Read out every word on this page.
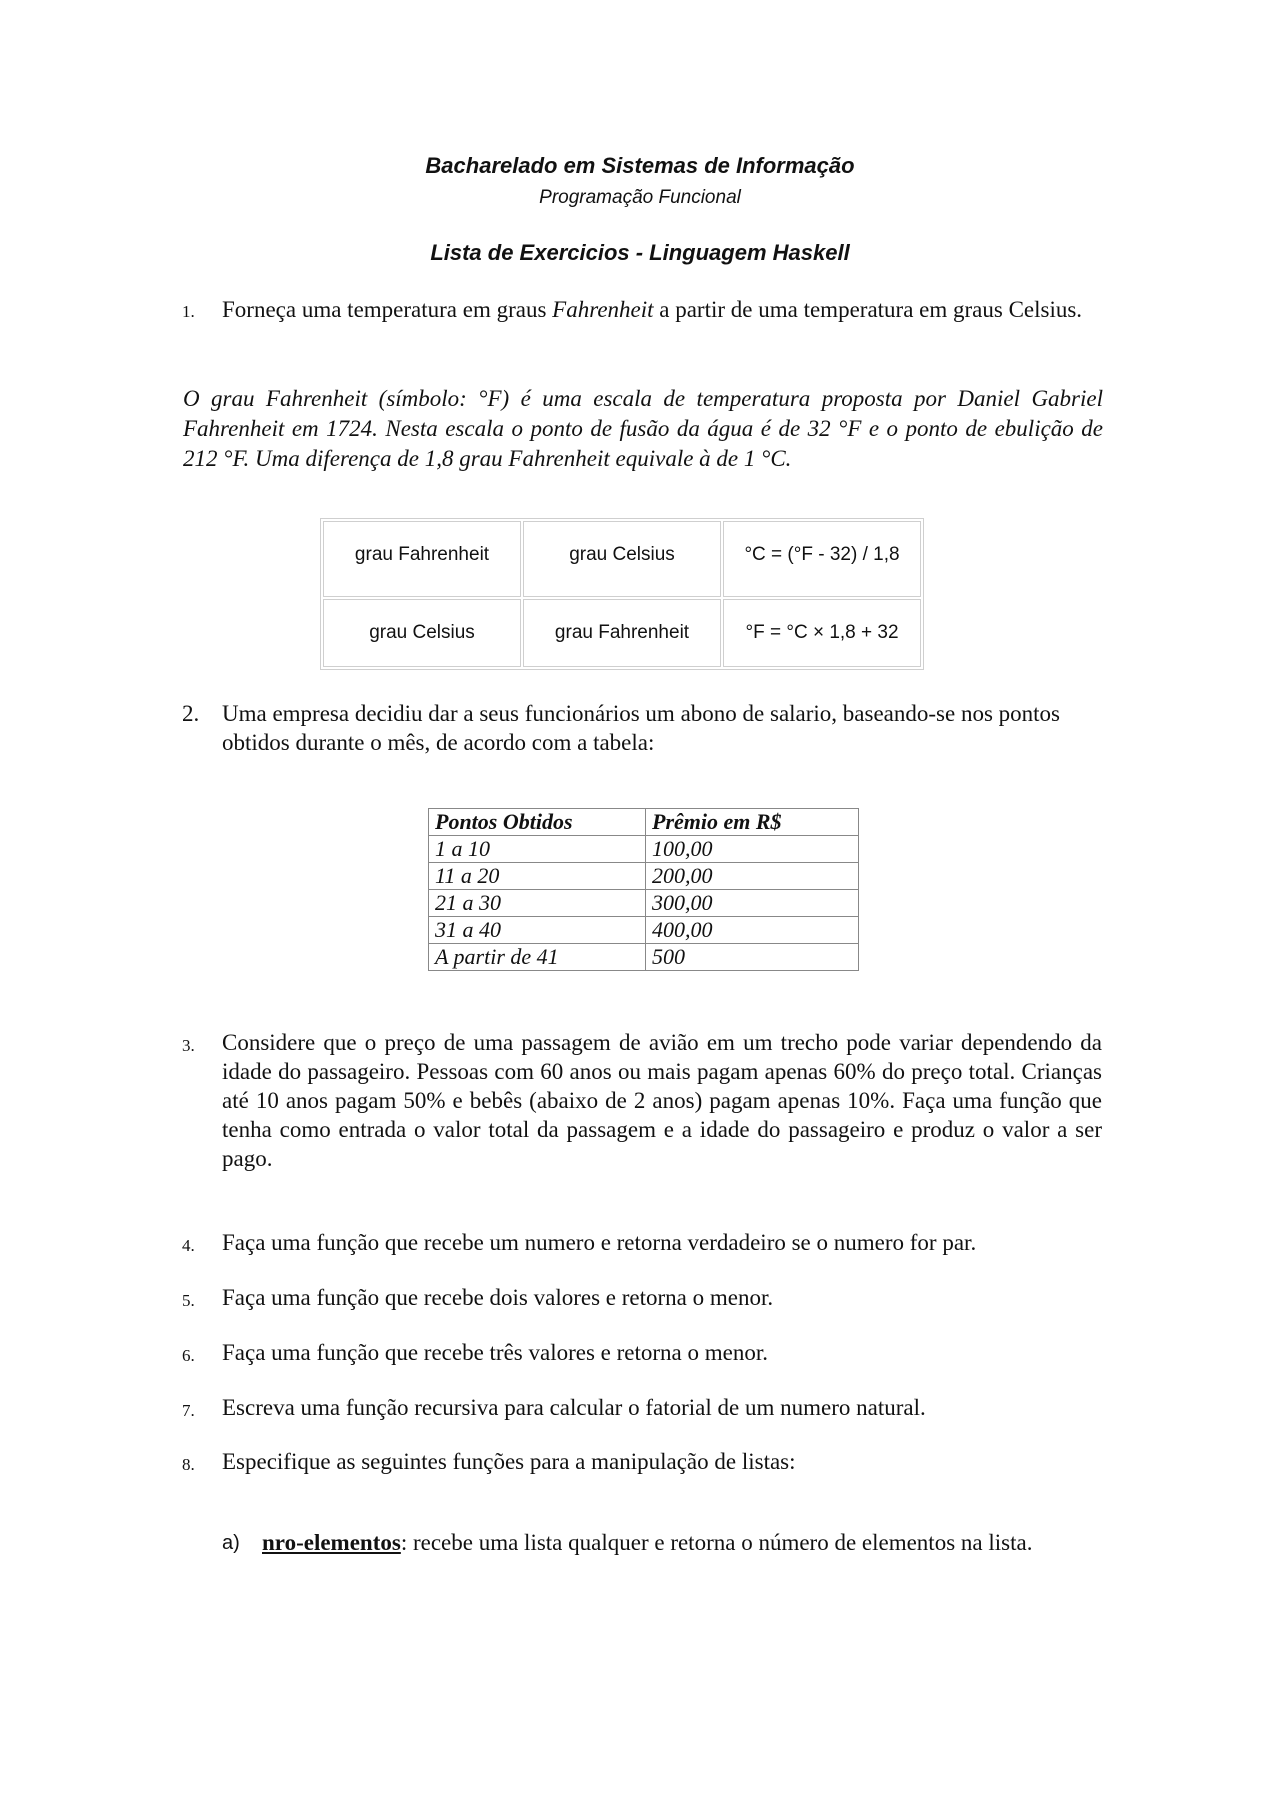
Bacharelado em Sistemas de Informação
Programação Funcional
Lista de Exercicios - Linguagem Haskell
1. Forneça uma temperatura em graus Fahrenheit a partir de uma temperatura em graus Celsius.
O grau Fahrenheit (símbolo: °F) é uma escala de temperatura proposta por Daniel Gabriel Fahrenheit em 1724. Nesta escala o ponto de fusão da água é de 32 °F e o ponto de ebulição de 212 °F. Uma diferença de 1,8 grau Fahrenheit equivale à de 1 °C.
grau Fahrenheit	grau Celsius	°C = (°F - 32) / 1,8
grau Celsius	grau Fahrenheit	°F = °C × 1,8 + 32
2. Uma empresa decidiu dar a seus funcionários um abono de salario, baseando-se nos pontos obtidos durante o mês, de acordo com a tabela:
Pontos Obtidos	Prêmio em R$
1 a 10	100,00
11 a 20	200,00
21 a 30	300,00
31 a 40	400,00
A partir de 41	500
3. Considere que o preço de uma passagem de avião em um trecho pode variar dependendo da idade do passageiro. Pessoas com 60 anos ou mais pagam apenas 60% do preço total. Crianças até 10 anos pagam 50% e bebês (abaixo de 2 anos) pagam apenas 10%. Faça uma função que tenha como entrada o valor total da passagem e a idade do passageiro e produz o valor a ser pago.
4. Faça uma função que recebe um numero e retorna verdadeiro se o numero for par.
5. Faça uma função que recebe dois valores e retorna o menor.
6. Faça uma função que recebe três valores e retorna o menor.
7. Escreva uma função recursiva para calcular o fatorial de um numero natural.
8. Especifique as seguintes funções para a manipulação de listas:
a) nro-elementos: recebe uma lista qualquer e retorna o número de elementos na lista.
